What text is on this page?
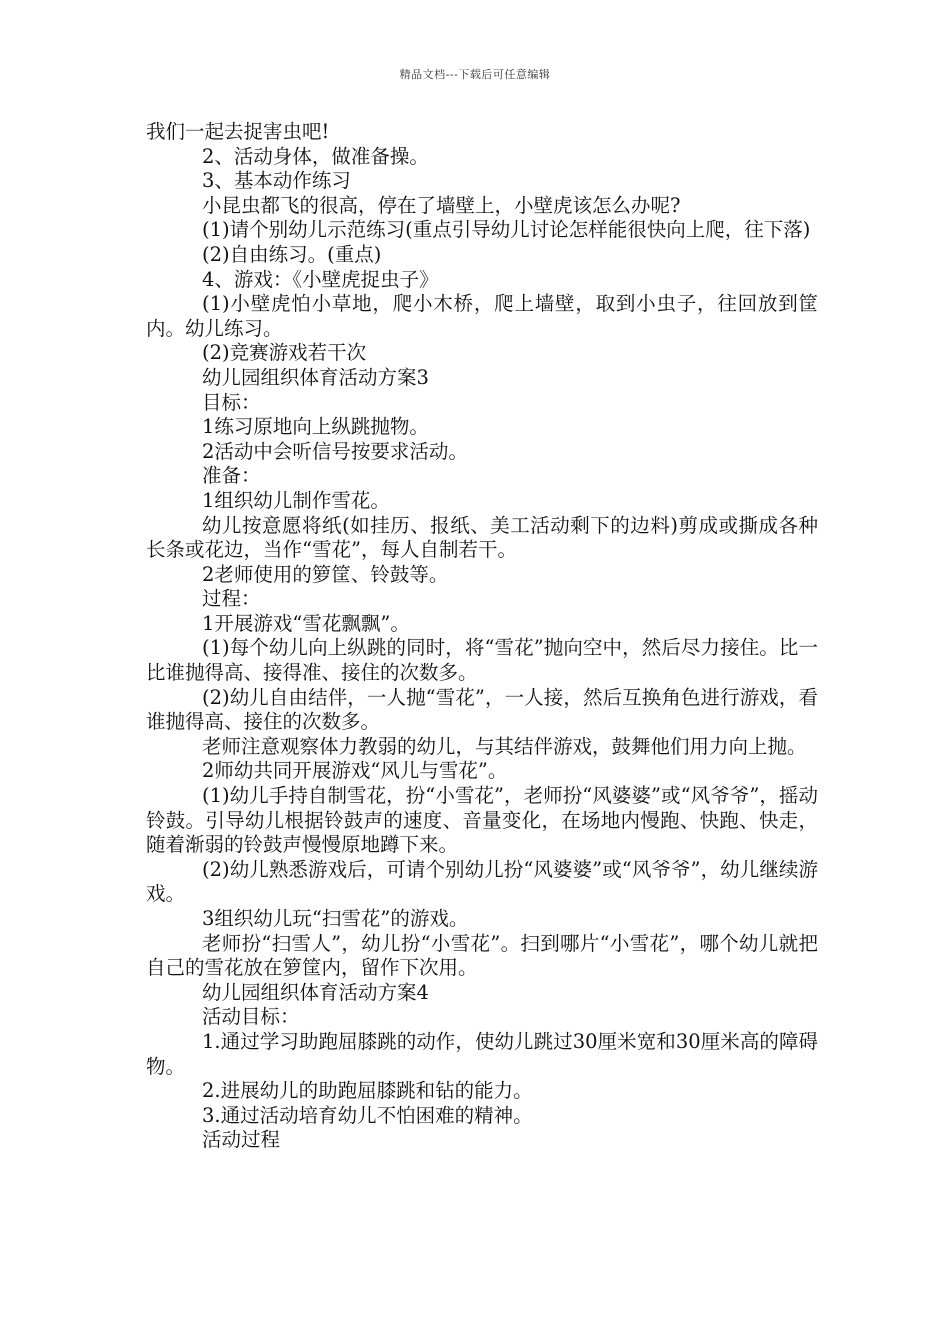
精品文档---下载后可任意编辑

我们一起去捉害虫吧!

2、活动身体，做准备操。

3、基本动作练习

小昆虫都飞的很高，停在了墙壁上，小壁虎该怎么办呢?

(1)请个别幼儿示范练习(重点引导幼儿讨论怎样能很快向上爬，往下落)

(2)自由练习。(重点)

4、游戏：《小壁虎捉虫子》

(1)小壁虎怕小草地，爬小木桥，爬上墙壁，取到小虫子，往回放到筐内。幼儿练习。

(2)竞赛游戏若干次

幼儿园组织体育活动方案3

目标：

1练习原地向上纵跳抛物。

2活动中会听信号按要求活动。

准备：

1组织幼儿制作雪花。

幼儿按意愿将纸(如挂历、报纸、美工活动剩下的边料)剪成或撕成各种长条或花边，当作“雪花”，每人自制若干。

2老师使用的箩筐、铃鼓等。

过程：

1开展游戏“雪花飘飘”。

(1)每个幼儿向上纵跳的同时，将“雪花”抛向空中，然后尽力接住。比一比谁抛得高、接得准、接住的次数多。

(2)幼儿自由结伴，一人抛“雪花”，一人接，然后互换角色进行游戏，看谁抛得高、接住的次数多。

老师注意观察体力教弱的幼儿，与其结伴游戏，鼓舞他们用力向上抛。

2师幼共同开展游戏“风儿与雪花”。

(1)幼儿手持自制雪花，扮“小雪花”，老师扮“风婆婆”或“风爷爷”，摇动铃鼓。引导幼儿根据铃鼓声的速度、音量变化，在场地内慢跑、快跑、快走，随着渐弱的铃鼓声慢慢原地蹲下来。

(2)幼儿熟悉游戏后，可请个别幼儿扮“风婆婆”或“风爷爷”，幼儿继续游戏。

3组织幼儿玩“扫雪花”的游戏。

老师扮“扫雪人”，幼儿扮“小雪花”。扫到哪片“小雪花”，哪个幼儿就把自己的雪花放在箩筐内，留作下次用。

幼儿园组织体育活动方案4

活动目标：

1.通过学习助跑屈膝跳的动作，使幼儿跳过30厘米宽和30厘米高的障碍物。

2.进展幼儿的助跑屈膝跳和钻的能力。

3.通过活动培育幼儿不怕困难的精神。

活动过程
